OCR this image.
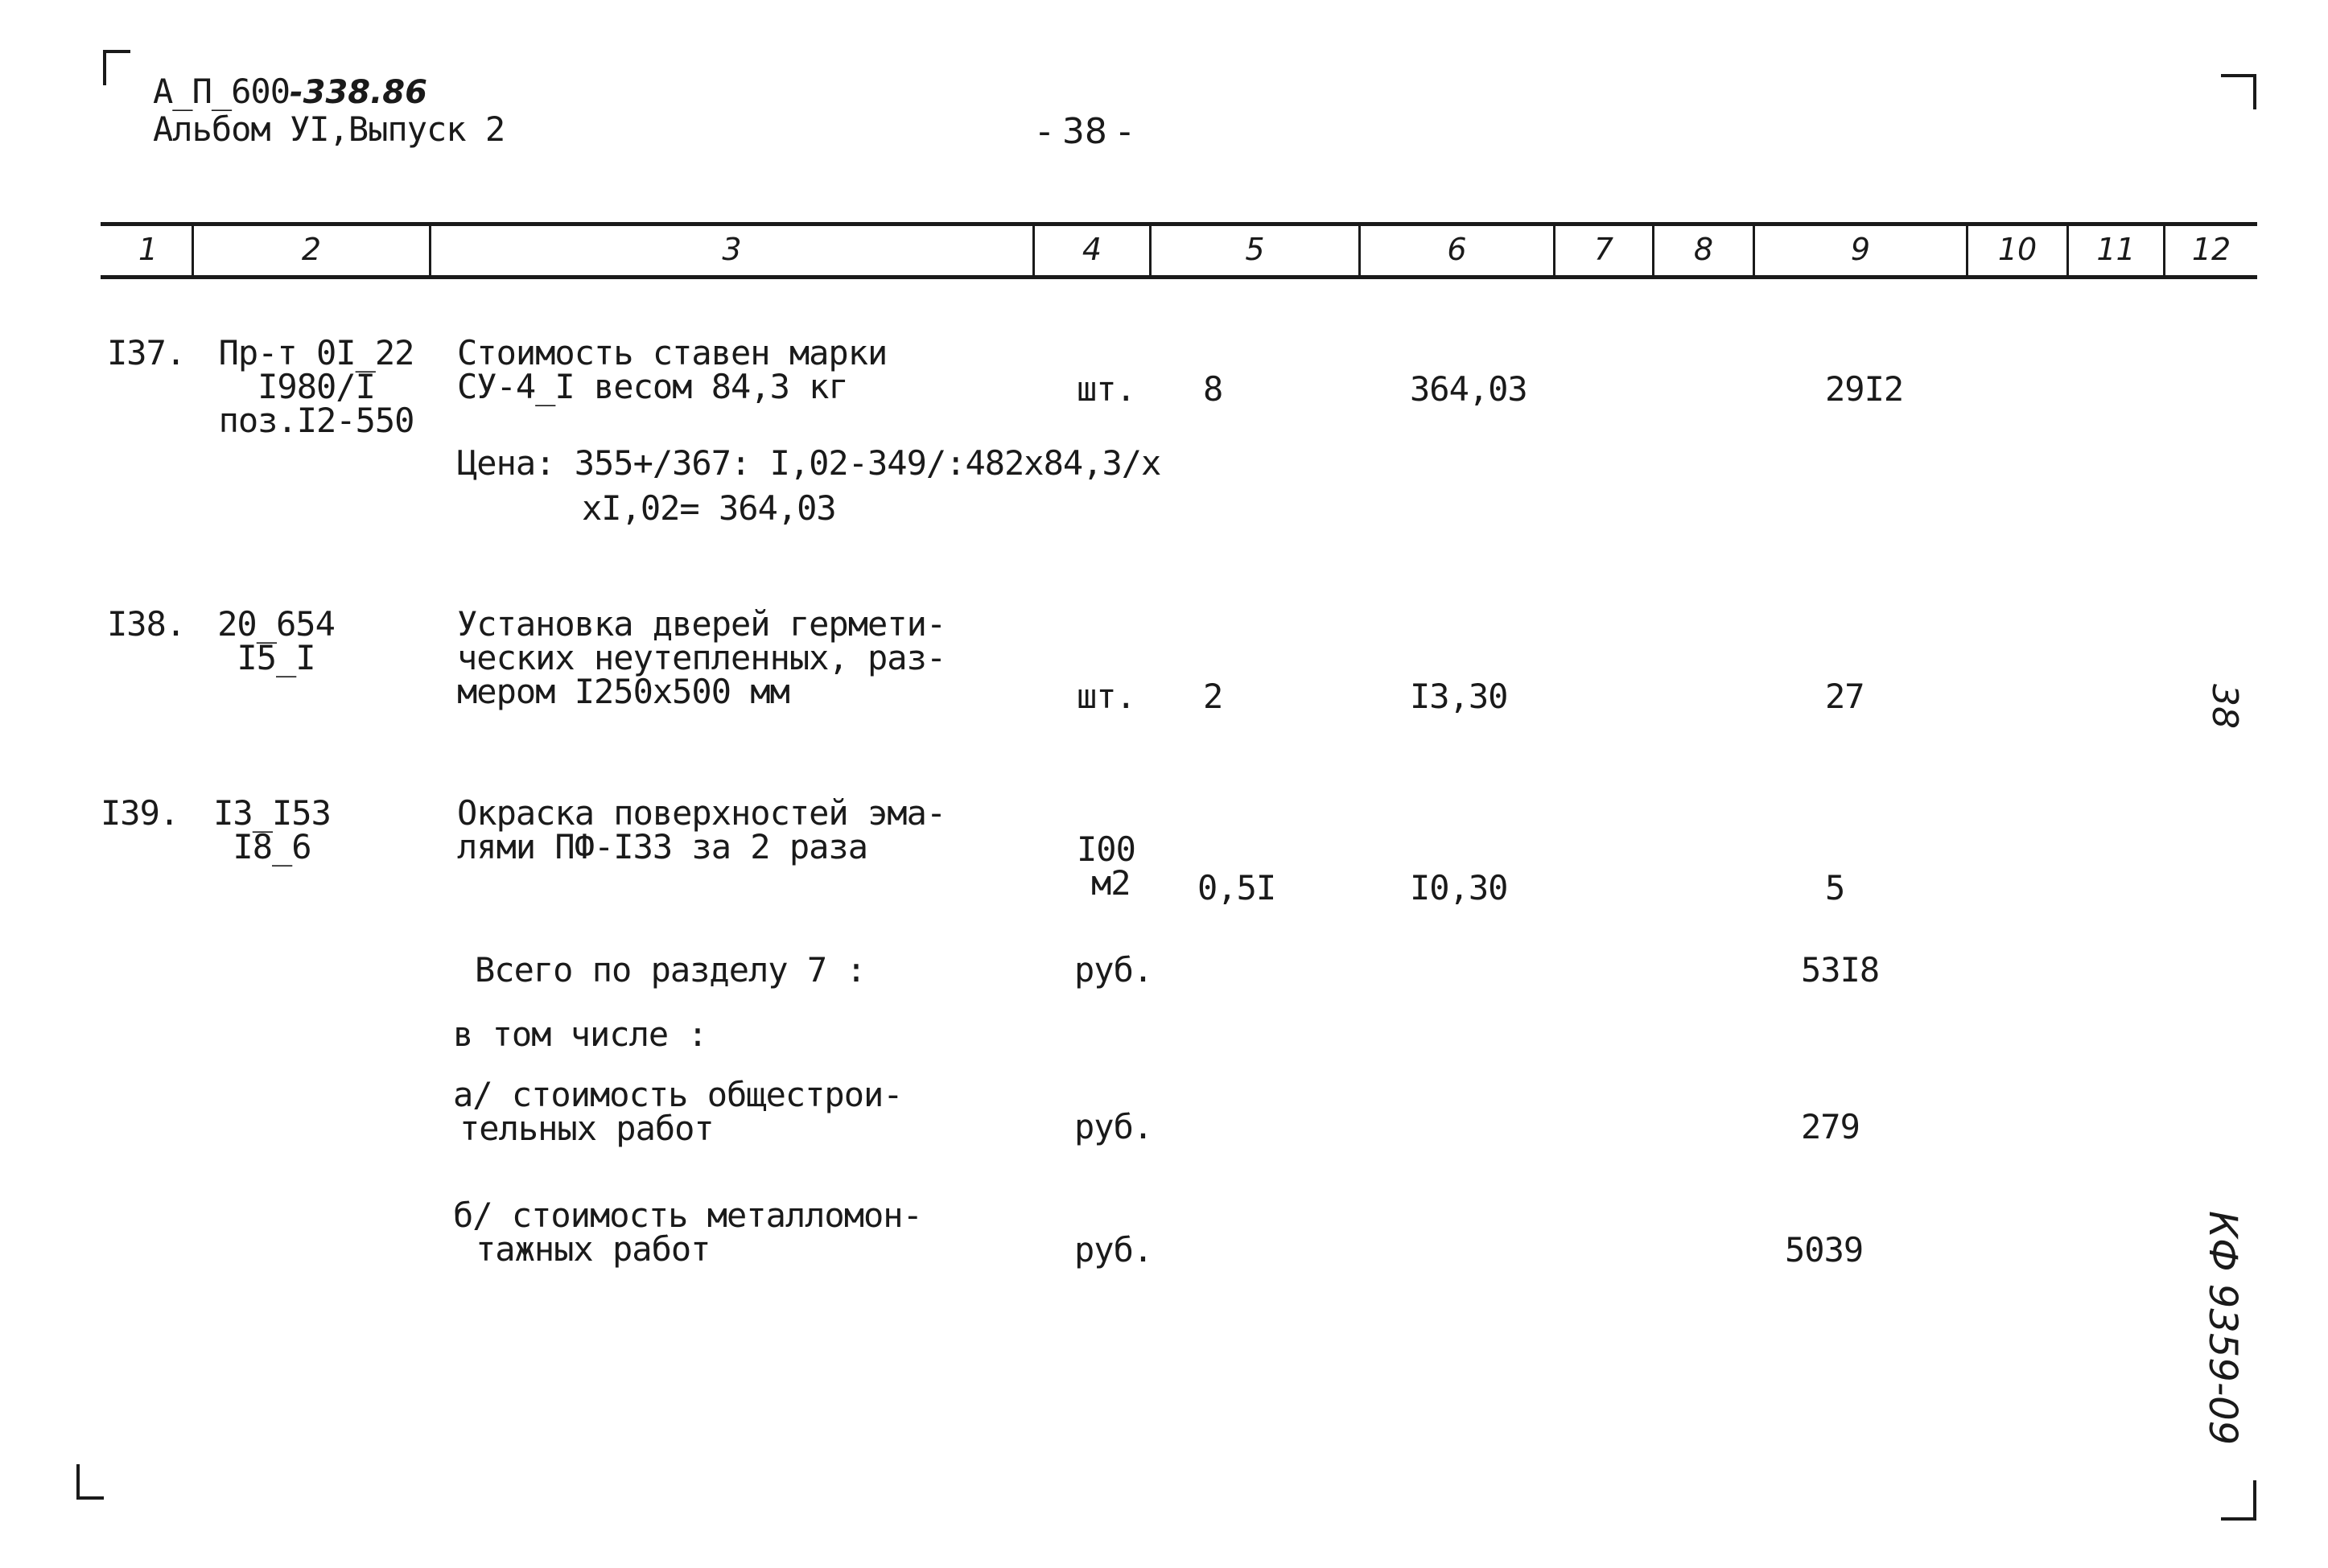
А_П_600-338.86
Альбом УI,Выпуск 2	- 38 -
1	2	3	4	5	6	7	8	9	10	11	12
I37. Пр-т 0I_22
I980/I
поз.I2-550
Стоимость ставен марки
СУ-4_I весом 84,3 кг	шт. 8	364,03	29I2
Цена: 355+/367: I,02-349/:482x84,3/x
xI,02= 364,03
I38. 20_654
I5_I
Установка дверей гермети-
ческих неутепленных, раз-
мером I250x500 мм	шт. 2	I3,30	27
I39. I3_I53
I8_6
Окраска поверхностей эма-
лями ПФ-I33 за 2 раза	I00
м2 0,5I	I0,30	5
Всего по разделу 7 :	руб.	53I8
в том числе :
а/ стоимость общестрои-
тельных работ	руб.	279
б/ стоимость металломон-
тажных работ	руб.	5039
38
КФ 9359-09
